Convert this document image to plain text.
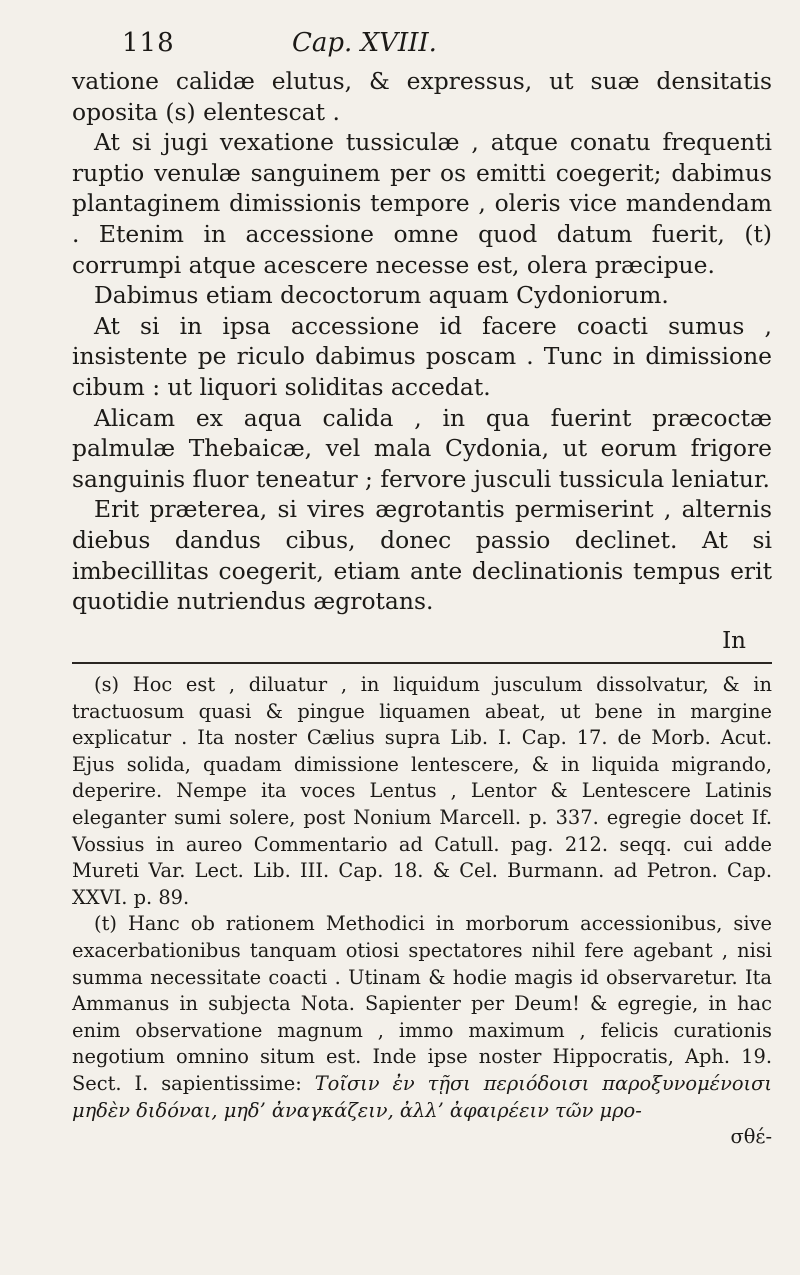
118	Cap. XVIII.

vatione calidæ elutus, & expressus, ut suæ densitatis oposita (s) elentescat .

At si jugi vexatione tussiculæ , atque conatu frequenti ruptio venulæ sanguinem per os emitti coegerit; dabimus plantaginem dimissionis tempore , oleris vice mandendam . Etenim in accessione omne quod datum fuerit, (t) corrumpi atque acescere necesse est, olera præcipue.

Dabimus etiam decoctorum aquam Cydoniorum.

At si in ipsa accessione id facere coacti sumus , insistente pe riculo dabimus poscam . Tunc in dimissione cibum : ut liquori soliditas accedat.

Alicam ex aqua calida , in qua fuerint præcoctæ palmulæ Thebaicæ, vel mala Cydonia, ut eorum frigore sanguinis fluor teneatur ; fervore jusculi tussicula leniatur.

Erit præterea, si vires ægrotantis permiserint , alternis diebus dandus cibus, donec passio declinet. At si imbecillitas coegerit, etiam ante declinationis tempus erit quotidie nutriendus ægrotans.

In

(s) Hoc est , diluatur , in liquidum jusculum dissolvatur, & in tractuosum quasi & pingue liquamen abeat, ut bene in margine explicatur . Ita noster Cælius supra Lib. I. Cap. 17. de Morb. Acut. Ejus solida, quadam dimissione lentescere, & in liquida migrando, deperire. Nempe ita voces Lentus , Lentor & Lentescere Latinis eleganter sumi solere, post Nonium Marcell. p. 337. egregie docet If. Vossius in aureo Commentario ad Catull. pag. 212. seqq. cui adde Mureti Var. Lect. Lib. III. Cap. 18. & Cel. Burmann. ad Petron. Cap. XXVI. p. 89.

(t) Hanc ob rationem Methodici in morborum accessionibus, sive exacerbationibus tanquam otiosi spectatores nihil fere agebant , nisi summa necessitate coacti . Utinam & hodie magis id observaretur. Ita Ammanus in subjecta Nota. Sapienter per Deum! & egregie, in hac enim observatione magnum , immo maximum , felicis curationis negotium omnino situm est. Inde ipse noster Hippocratis, Aph. 19. Sect. I. sapientissime: Τοῖσιν ἐν τῇσι περιόδοισι παροξυνομένοισι μηδὲν διδόναι, μηδ’ ἀναγκάζειν, ἀλλ’ ἀφαιρέειν τῶν μρο-

σθέ-
